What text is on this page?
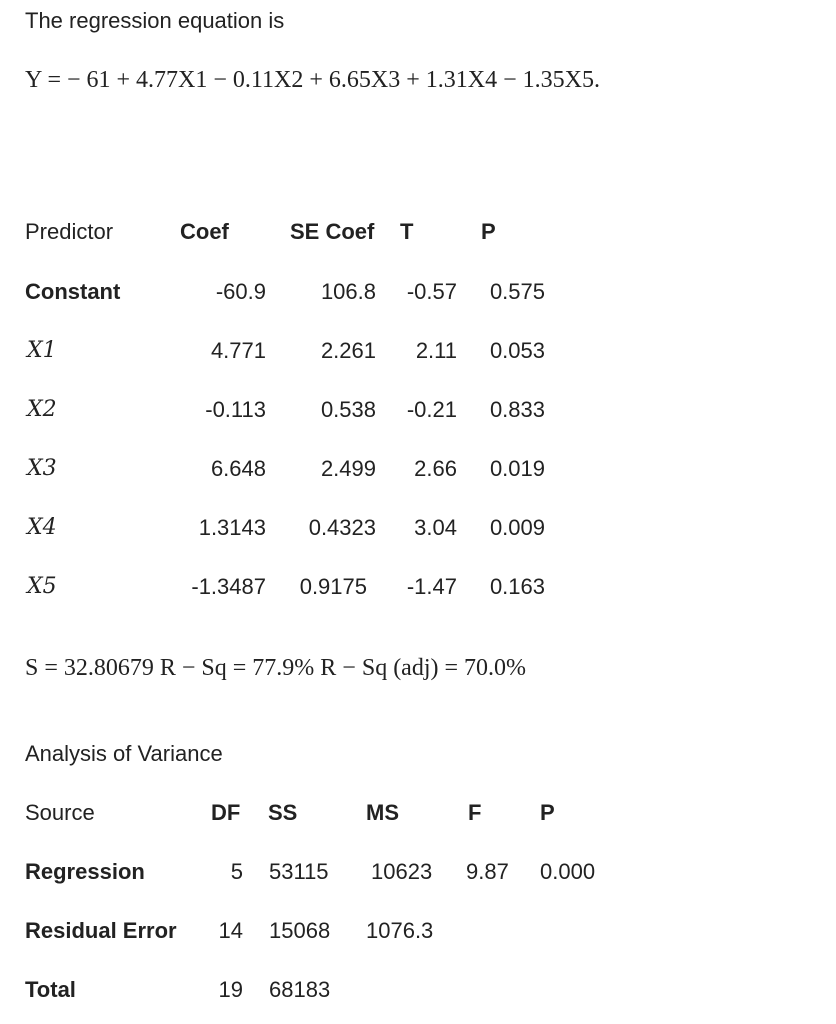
The regression equation is
Y = − 61 + 4.77X1 − 0.11X2 + 6.65X3 + 1.31X4 − 1.35X5.
Predictor	Coef	SE Coef T	P
Constant	-60.9	106.8	-0.57	0.575
X1	4.771	2.261	2.11	0.053
X2	-0.113	0.538	-0.21	0.833
X3	6.648	2.499	2.66	0.019
X4	1.3143	0.4323	3.04	0.009
X5	-1.3487	0.9175	-1.47	0.163
S = 32.80679 R − Sq = 77.9% R − Sq (adj) = 70.0%
Analysis of Variance
Source	DF SS	MS	F	P
Regression	5 53115 10623 9.87 0.000
Residual Error	14 15068 1076.3
Total	19 68183
